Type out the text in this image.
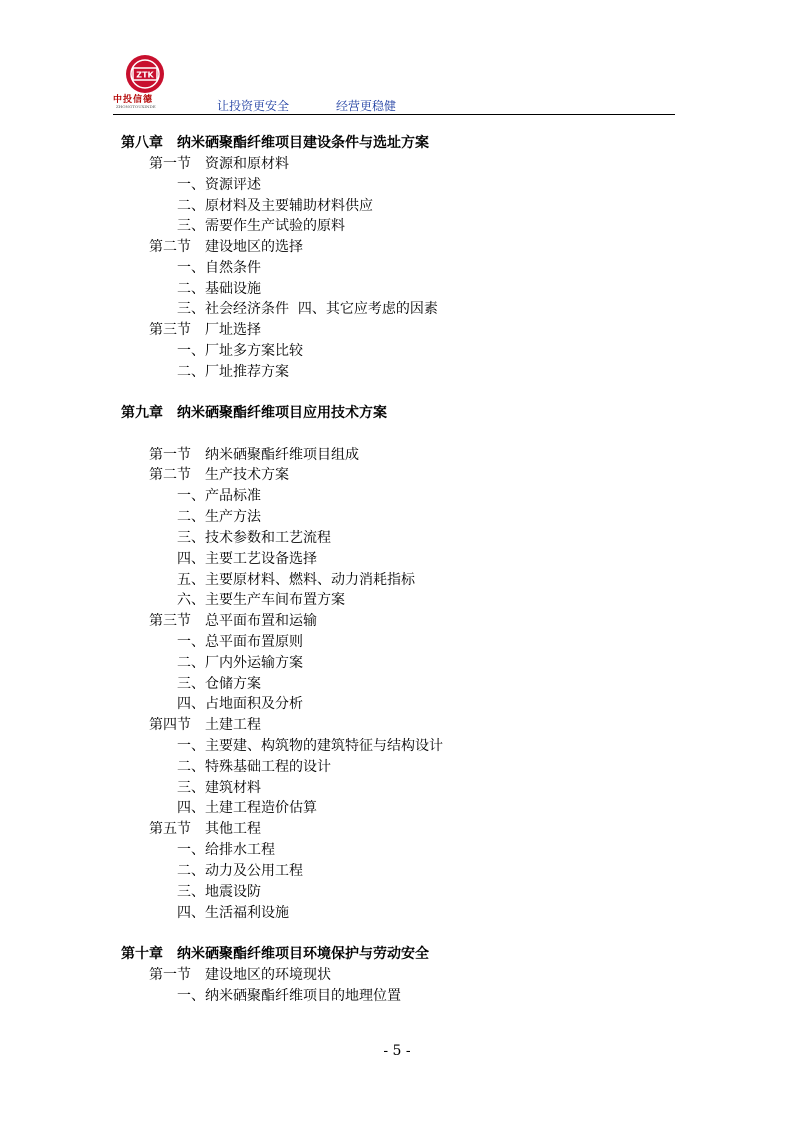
ZTK
中投信德
ZHONGTOUXINDE	让投资更安全	经营更稳健
第八章　纳米硒聚酯纤维项目建设条件与选址方案
第一节　资源和原材料
一、资源评述
二、原材料及主要辅助材料供应
三、需要作生产试验的原料
第二节　建设地区的选择
一、自然条件
二、基础设施
三、社会经济条件  四、其它应考虑的因素
第三节　厂址选择
一、厂址多方案比较
二、厂址推荐方案
第九章　纳米硒聚酯纤维项目应用技术方案
第一节　纳米硒聚酯纤维项目组成
第二节　生产技术方案
一、产品标准
二、生产方法
三、技术参数和工艺流程
四、主要工艺设备选择
五、主要原材料、燃料、动力消耗指标
六、主要生产车间布置方案
第三节　总平面布置和运输
一、总平面布置原则
二、厂内外运输方案
三、仓储方案
四、占地面积及分析
第四节　土建工程
一、主要建、构筑物的建筑特征与结构设计
二、特殊基础工程的设计
三、建筑材料
四、土建工程造价估算
第五节　其他工程
一、给排水工程
二、动力及公用工程
三、地震设防
四、生活福利设施
第十章　纳米硒聚酯纤维项目环境保护与劳动安全
第一节　建设地区的环境现状
一、纳米硒聚酯纤维项目的地理位置
- 5 -
